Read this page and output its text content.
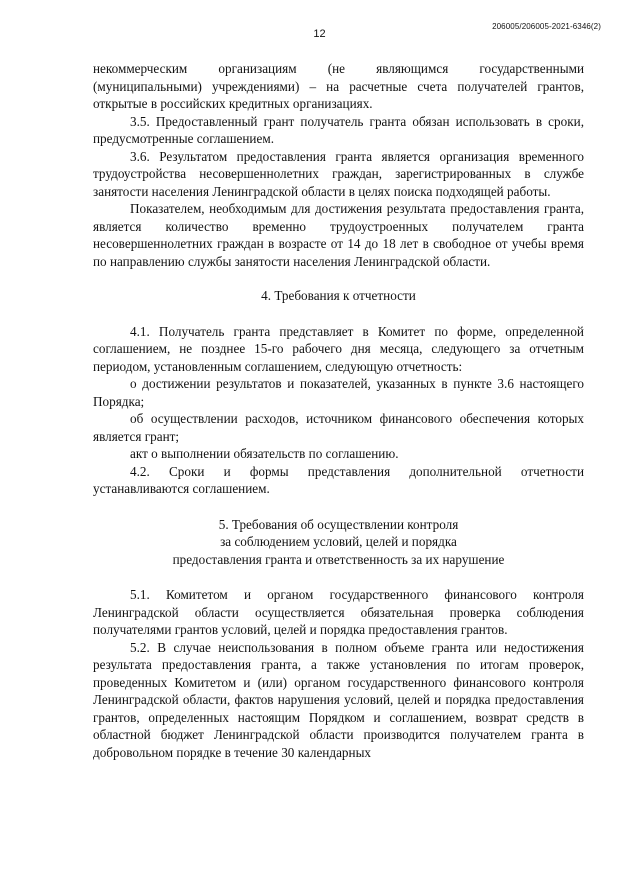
12
206005/206005-2021-6346(2)

некоммерческим организациям (не являющимся государственными (муниципальными) учреждениями) – на расчетные счета получателей грантов, открытые в российских кредитных организациях.

3.5. Предоставленный грант получатель гранта обязан использовать в сроки, предусмотренные соглашением.

3.6. Результатом предоставления гранта является организация временного трудоустройства несовершеннолетних граждан, зарегистрированных в службе занятости населения Ленинградской области в целях поиска подходящей работы.

Показателем, необходимым для достижения результата предоставления гранта, является количество временно трудоустроенных получателем гранта несовершеннолетних граждан в возрасте от 14 до 18 лет в свободное от учебы время по направлению службы занятости населения Ленинградской области.

4. Требования к отчетности

4.1. Получатель гранта представляет в Комитет по форме, определенной соглашением, не позднее 15-го рабочего дня месяца, следующего за отчетным периодом, установленным соглашением, следующую отчетность:

о достижении результатов и показателей, указанных в пункте 3.6 настоящего Порядка;

об осуществлении расходов, источником финансового обеспечения которых является грант;

акт о выполнении обязательств по соглашению.

4.2. Сроки и формы представления дополнительной отчетности устанавливаются соглашением.

5. Требования об осуществлении контроля

за соблюдением условий, целей и порядка

предоставления гранта и ответственность за их нарушение

5.1. Комитетом и органом государственного финансового контроля Ленинградской области осуществляется обязательная проверка соблюдения получателями грантов условий, целей и порядка предоставления грантов.

5.2. В случае неиспользования в полном объеме гранта или недостижения результата предоставления гранта, а также установления по итогам проверок, проведенных Комитетом и (или) органом государственного финансового контроля Ленинградской области, фактов нарушения условий, целей и порядка предоставления грантов, определенных настоящим Порядком и соглашением, возврат средств в областной бюджет Ленинградской области производится получателем гранта в добровольном порядке в течение 30 календарных
